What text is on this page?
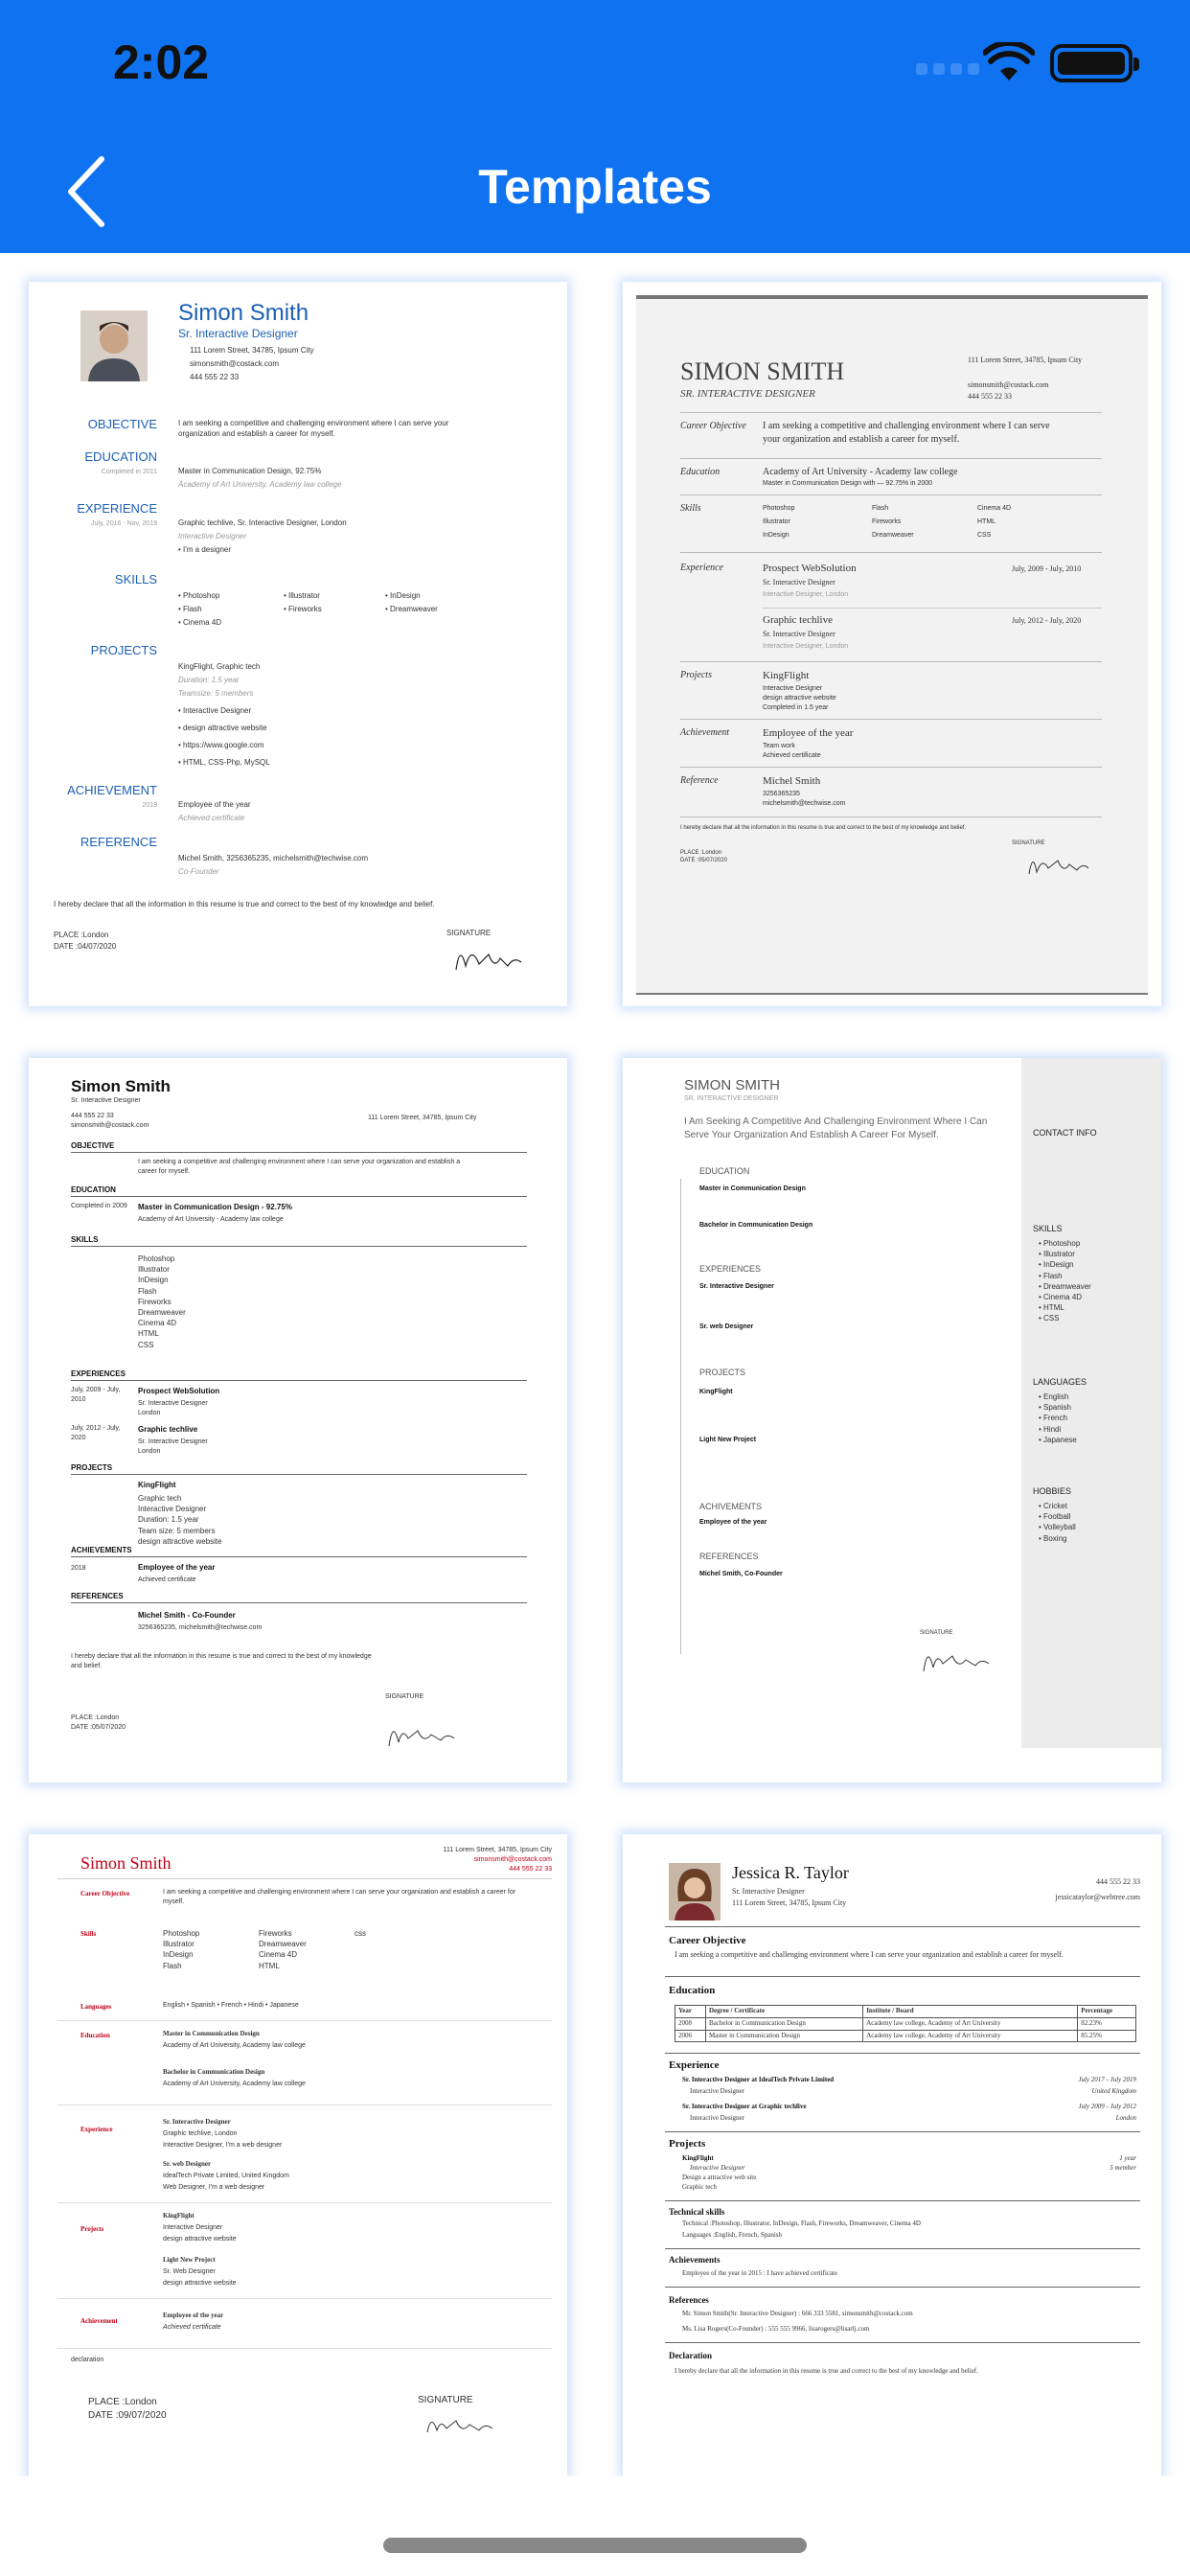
2:02
Templates
Simon Smith
Sr. Interactive Designer
111 Lorem Street, 34785, Ipsum City
simonsmith@costack.com
444 555 22 33
OBJECTIVE	I am seeking a competitive and challenging environment where I can serve your organization and establish a career for myself.
EDUCATION
Completed in 2011	Master in Communication Design, 92.75%
Academy of Art University, Academy law college
EXPERIENCE
July, 2016 - Nov, 2019	Graphic techlive, Sr. Interactive Designer, London
Interactive Designer
• I'm a designer
SKILLS
• Photoshop	• Illustrator	• InDesign
• Flash	• Fireworks	• Dreamweaver
• Cinema 4D
PROJECTS
KingFlight, Graphic tech
Duration: 1.5 year
Teamsize: 5 members
• Interactive Designer
• design attractive website
• https://www.google.com
• HTML, CSS-Php, MySQL
ACHIEVEMENT
2019	Employee of the year
Achieved certificate
REFERENCE
Michel Smith, 3256365235, michelsmith@techwise.com
Co-Founder
I hereby declare that all the information in this resume is true and correct to the best of my knowledge and belief.
PLACE :London
DATE :04/07/2020
SIGNATURE
SIMON SMITH
SR. INTERACTIVE DESIGNER
111 Lorem Street, 34785, Ipsum City
simonsmith@costack.com
444 555 22 33
Career Objective	I am seeking a competitive and challenging environment where I can serve your organization and establish a career for myself.
Education	Academy of Art University - Academy law college
Master in Communication Design with — 92.75% in 2000
Skills	Photoshop	Flash	Cinema 4D
Illustrator	Fireworks	HTML
InDesign	Dreamweaver	CSS
Experience	Prospect WebSolution	July, 2009 - July, 2010
Sr. Interactive Designer
Interactive Designer, London
Graphic techlive	July, 2012 - July, 2020
Sr. Interactive Designer
Interactive Designer, London
Projects	KingFlight
Interactive Designer
design attractive website
Completed in 1.5 year
Achievement	Employee of the year
Team work
Achieved certificate
Reference	Michel Smith
3256365235
michelsmith@techwise.com
I hereby declare that all the information in this resume is true and correct to the best of my knowledge and belief.
SIGNATURE
PLACE :London
DATE :05/07/2020
Simon Smith
Sr. Interactive Designer
444 555 22 33
simonsmith@costack.com
111 Lorem Street, 34785, Ipsum City
OBJECTIVE
I am seeking a competitive and challenging environment where I can serve your organization and establish a career for myself.
EDUCATION
Completed in 2009 Master in Communication Design - 92.75%
Academy of Art University - Academy law college
SKILLS
Photoshop
Illustrator
InDesign
Flash
Fireworks
Dreamweaver
Cinema 4D
HTML
CSS
EXPERIENCES
July, 2009 - July, 2010
Prospect WebSolution
Sr. Interactive Designer
London
July, 2012 - July, 2020
Graphic techlive
Sr. Interactive Designer
London
PROJECTS
KingFlight
Graphic tech
Interactive Designer
Duration: 1.5 year
Team size: 5 members
design attractive website
ACHIEVEMENTS
2018	Employee of the year
Achieved certificate
REFERENCES
Michel Smith - Co-Founder
3256365235, michelsmith@techwise.com
I hereby declare that all the information in this resume is true and correct to the best of my knowledge and belief.
SIGNATURE
PLACE :London
DATE :05/07/2020
SIMON SMITH
SR. INTERACTIVE DESIGNER
I Am Seeking A Competitive And Challenging Environment Where I Can Serve Your Organization And Establish A Career For Myself.
EDUCATION
Master in Communication Design
Bachelor in Communication Design
EXPERIENCES
Sr. Interactive Designer
Sr. web Designer
PROJECTS
KingFlight
Light New Project
ACHIVEMENTS
Employee of the year
REFERENCES
Michel Smith, Co-Founder
SIGNATURE
CONTACT INFO
SKILLS
• Photoshop
• Illustrator
• InDesign
• Flash
• Dreamweaver
• Cinema 4D
• HTML
• CSS
LANGUAGES
• English
• Spanish
• French
• Hindi
• Japanese
HOBBIES
• Cricket
• Football
• Volleyball
• Boxing
Simon Smith
111 Lorem Street, 34785, Ipsum City
simonsmith@costack.com
444 555 22 33
Career Objective	I am seeking a competitive and challenging environment where I can serve your organization and establish a career for myself.
Skills	Photoshop	Fireworks	css
Illustrator	Dreamweaver
InDesign	Cinema 4D
Flash	HTML
Languages	English • Spanish • French • Hindi • Japanese
Education	Master in Communication Design
Academy of Art University, Academy law college
Bachelor in Communication Design
Academy of Art University, Academy law college
Experience
Sr. Interactive Designer
Graphic techlive, London
Interactive Designer, I'm a web designer
Sr. web Designer
IdealTech Private Limited, United Kingdom
Web Designer, I'm a web designer
Projects
KingFlight
Interactive Designer
design attractive website
Light New Project
Sr. Web Designer
design attractive website
Achievement
Employee of the year
Achieved certificate
declaration
PLACE :London
DATE :09/07/2020
SIGNATURE
Jessica R. Taylor
Sr. Interactive Designer
111 Lorem Street, 34785, Ipsum City
444 555 22 33
jessicataylor@webtree.com
Career Objective
I am seeking a competitive and challenging environment where I can serve your organization and establish a career for myself.
Education
Year	Degree / Certificate	Institute / Board	Percentage
2008	Bachelor in Communication Design	Academy law college, Academy of Art University	82.23%
2006	Master in Communication Design	Academy law college, Academy of Art University	85.25%
Experience
Sr. Interactive Designer at IdealTech Private Limited	July 2017 - July 2019
Interactive Designer	United Kingdom
Sr. Interactive Designer at Graphic techlive	July 2009 - July 2012
Interactive Designer	London
Projects
KingFlight	1 year
Interactive Designer	5 member
Design a attractive web site
Graphic tech
Technical skills
Technical :Photoshop, Illustrator, InDesign, Flash, Fireworks, Dreamweaver, Cinema 4D
Languages :English, French, Spanish
Achievements
Employee of the year in 2015 : I have achieved certificate
References
Mr. Simon Smith(Sr. Interactive Designer) : 666 333 5581, simonsmith@costack.com
Ms. Lisa Rogers(Co-Founder) : 555 555 9966, lisarogers@lisarlj.com
Declaration
I hereby declare that all the information in this resume is true and correct to the best of my knowledge and belief.
